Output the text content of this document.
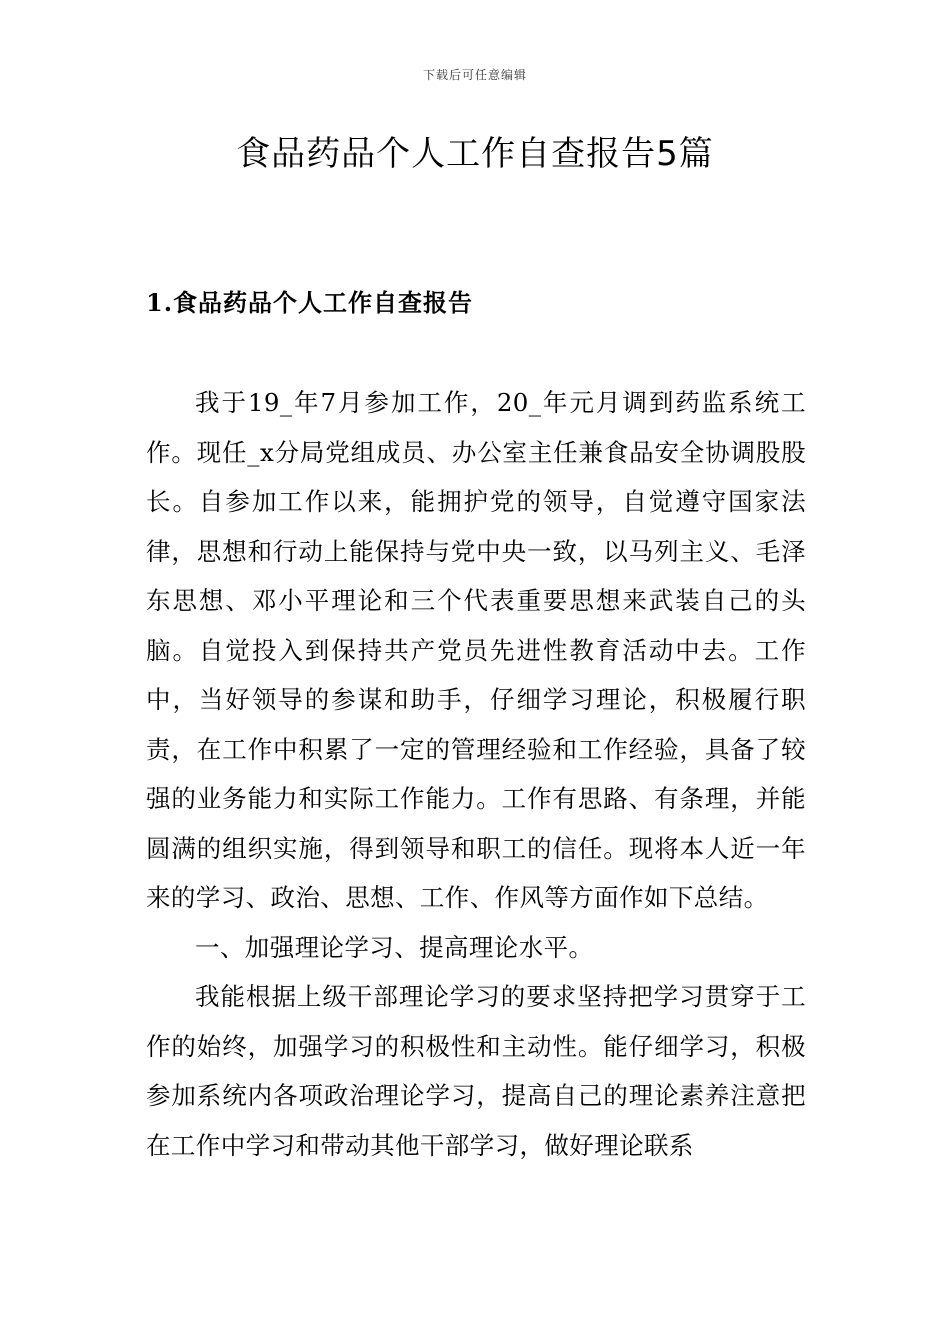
下载后可任意编辑
食品药品个人工作自查报告5篇
1.食品药品个人工作自查报告

我于19_年7月参加工作，20_年元月调到药监系统工作。现任_x分局党组成员、办公室主任兼食品安全协调股股长。自参加工作以来，能拥护党的领导，自觉遵守国家法律，思想和行动上能保持与党中央一致，以马列主义、毛泽东思想、邓小平理论和三个代表重要思想来武装自己的头脑。自觉投入到保持共产党员先进性教育活动中去。工作中，当好领导的参谋和助手，仔细学习理论，积极履行职责，在工作中积累了一定的管理经验和工作经验，具备了较强的业务能力和实际工作能力。工作有思路、有条理，并能圆满的组织实施，得到领导和职工的信任。现将本人近一年来的学习、政治、思想、工作、作风等方面作如下总结。

一、加强理论学习、提高理论水平。

我能根据上级干部理论学习的要求坚持把学习贯穿于工作的始终，加强学习的积极性和主动性。能仔细学习，积极参加系统内各项政治理论学习，提高自己的理论素养注意把在工作中学习和带动其他干部学习，做好理论联系
